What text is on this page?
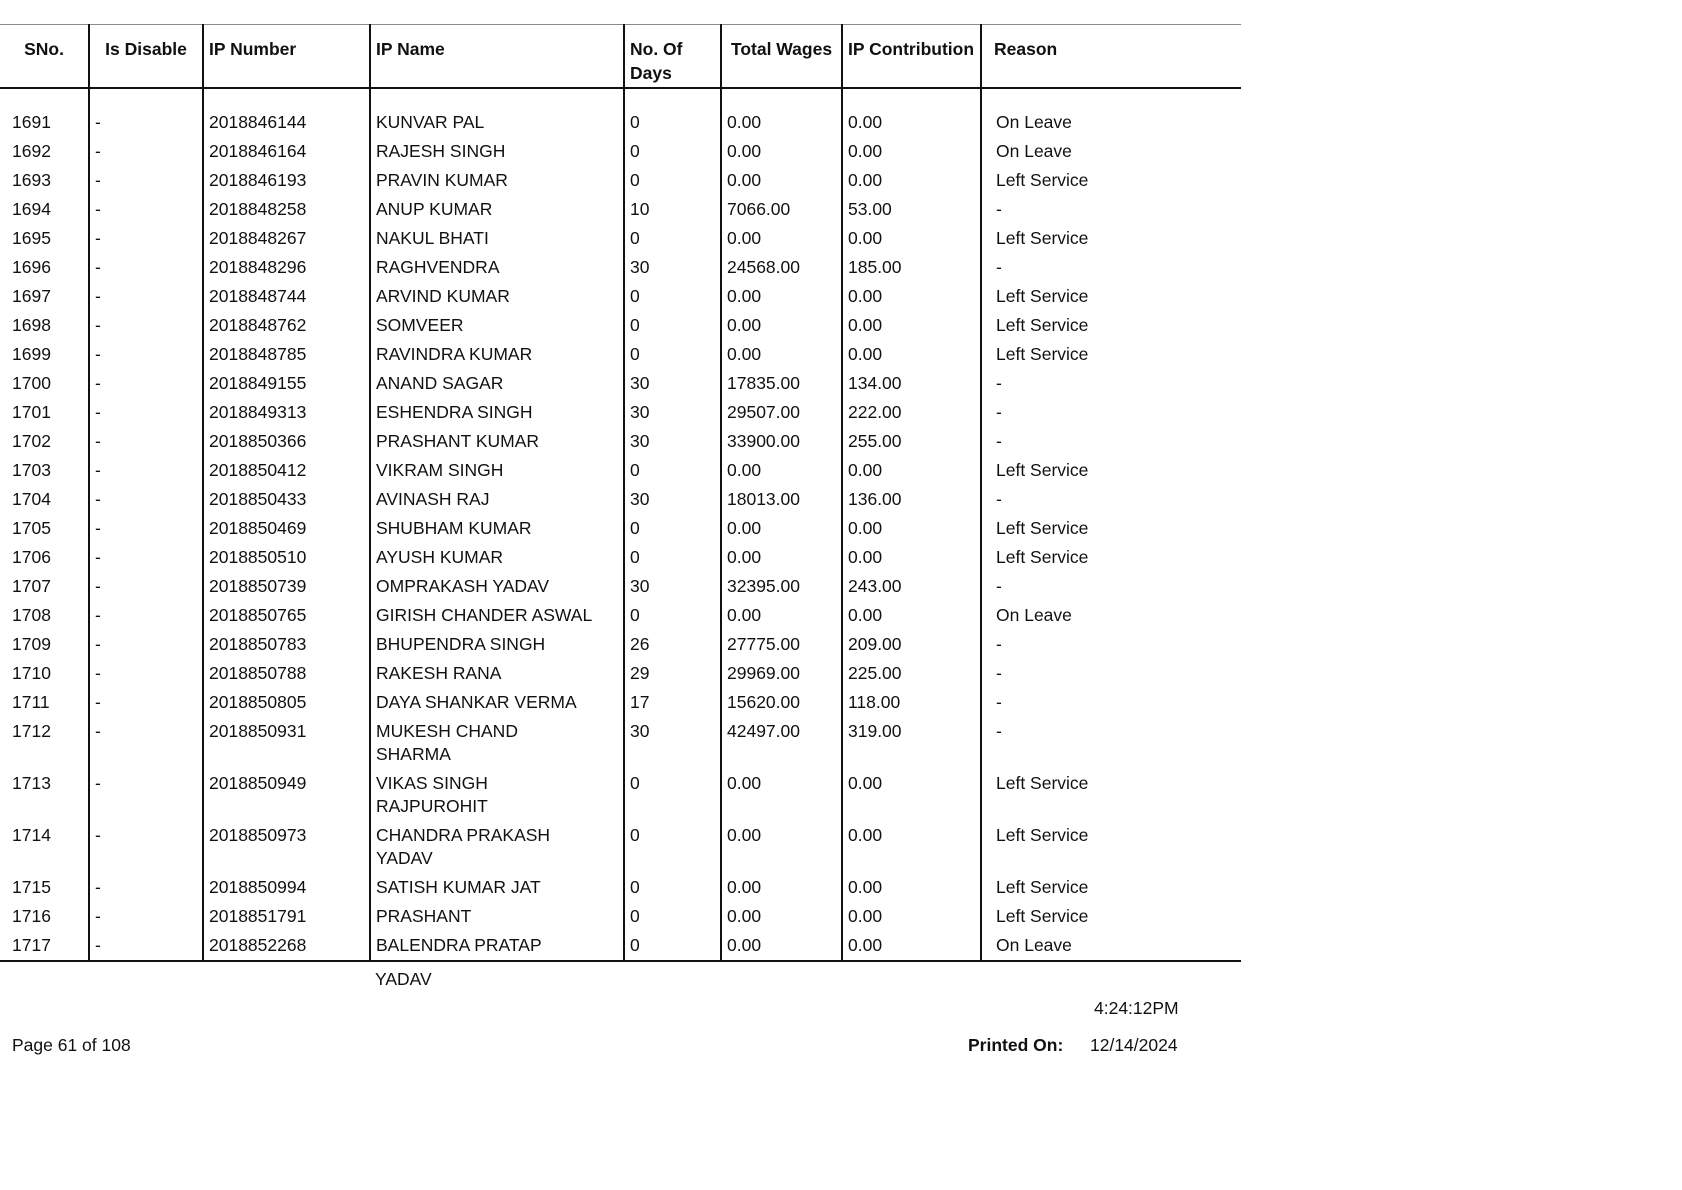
SNo.	Is Disable	IP Number	IP Name	No. Of Days	Total Wages	IP Contribution	Reason
1691	-	2018846144	KUNVAR PAL	0	0.00	0.00	On Leave
1692	-	2018846164	RAJESH SINGH	0	0.00	0.00	On Leave
1693	-	2018846193	PRAVIN KUMAR	0	0.00	0.00	Left Service
1694	-	2018848258	ANUP KUMAR	10	7066.00	53.00	-
1695	-	2018848267	NAKUL BHATI	0	0.00	0.00	Left Service
1696	-	2018848296	RAGHVENDRA	30	24568.00	185.00	-
1697	-	2018848744	ARVIND KUMAR	0	0.00	0.00	Left Service
1698	-	2018848762	SOMVEER	0	0.00	0.00	Left Service
1699	-	2018848785	RAVINDRA KUMAR	0	0.00	0.00	Left Service
1700	-	2018849155	ANAND SAGAR	30	17835.00	134.00	-
1701	-	2018849313	ESHENDRA SINGH	30	29507.00	222.00	-
1702	-	2018850366	PRASHANT KUMAR	30	33900.00	255.00	-
1703	-	2018850412	VIKRAM SINGH	0	0.00	0.00	Left Service
1704	-	2018850433	AVINASH RAJ	30	18013.00	136.00	-
1705	-	2018850469	SHUBHAM KUMAR	0	0.00	0.00	Left Service
1706	-	2018850510	AYUSH KUMAR	0	0.00	0.00	Left Service
1707	-	2018850739	OMPRAKASH YADAV	30	32395.00	243.00	-
1708	-	2018850765	GIRISH CHANDER ASWAL	0	0.00	0.00	On Leave
1709	-	2018850783	BHUPENDRA SINGH	26	27775.00	209.00	-
1710	-	2018850788	RAKESH RANA	29	29969.00	225.00	-
1711	-	2018850805	DAYA SHANKAR VERMA	17	15620.00	118.00	-
1712	-	2018850931	MUKESH CHAND SHARMA	30	42497.00	319.00	-
1713	-	2018850949	VIKAS SINGH RAJPUROHIT	0	0.00	0.00	Left Service
1714	-	2018850973	CHANDRA PRAKASH YADAV	0	0.00	0.00	Left Service
1715	-	2018850994	SATISH KUMAR JAT	0	0.00	0.00	Left Service
1716	-	2018851791	PRASHANT	0	0.00	0.00	Left Service
1717	-	2018852268	BALENDRA PRATAP	0	0.00	0.00	On Leave
YADAV
4:24:12PM
Page 61 of 108	Printed On: 12/14/2024
